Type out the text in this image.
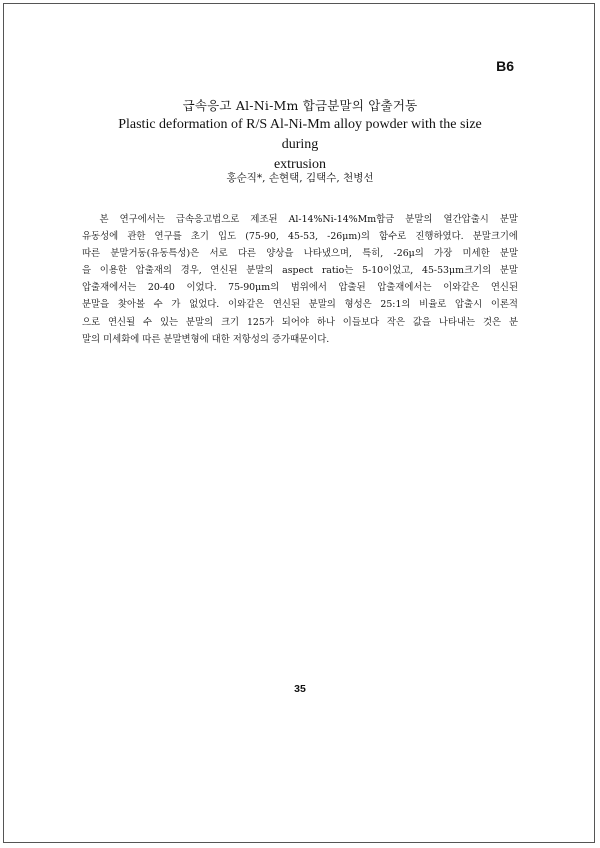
B6
급속응고 Al-Ni-Mm 합금분말의 압출거동
Plastic deformation of R/S Al-Ni-Mm alloy powder with the size during
extrusion
홍순직*, 손현택, 김택수, 천병선
　본 연구에서는 급속응고법으로 제조된 Al-14%Ni-14%Mm합금 분말의 열간압출시 분말
유동성에 관한 연구를 초기 입도 (75-90, 45-53, -26μm)의 함수로 진행하였다. 분말크기에
따른 분말거동(유동특성)은 서로 다른 양상을 나타냈으며, 특히, -26μ의 가장 미세한 분말
을 이용한 압출재의 경우, 연신된 분말의 aspect ratio는 5-10이었고, 45-53μm크기의 분말
압출재에서는 20-40 이었다. 75-90μm의 범위에서 압출된 압출재에서는 이와같은 연신된
분말을 찾아볼 수 가 없었다. 이와같은 연신된 분말의 형성은 25:1의 비율로 압출시 이론적
으로 연신될 수 있는 분말의 크기 125가 되어야 하나 이들보다 작은 값을 나타내는 것은 분
말의 미세화에 따른 분말변형에 대한 저항성의 증가때문이다.
35
